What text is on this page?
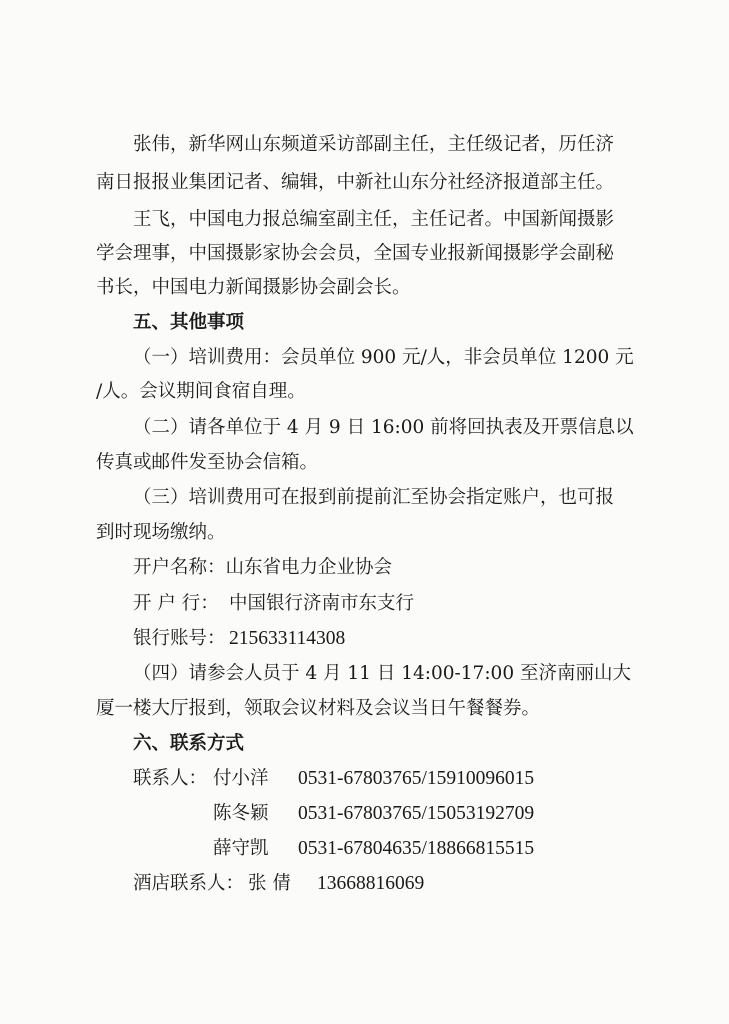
张伟，新华网山东频道采访部副主任，主任级记者，历任济
南日报报业集团记者、编辑，中新社山东分社经济报道部主任。
王飞，中国电力报总编室副主任，主任记者。中国新闻摄影
学会理事，中国摄影家协会会员，全国专业报新闻摄影学会副秘
书长，中国电力新闻摄影协会副会长。
五、其他事项
（一）培训费用：会员单位 900 元/人，非会员单位 1200 元
/人。会议期间食宿自理。
（二）请各单位于 4 月 9 日 16:00 前将回执表及开票信息以
传真或邮件发至协会信箱。
（三）培训费用可在报到前提前汇至协会指定账户，也可报
到时现场缴纳。
开户名称：山东省电力企业协会
开 户 行： 中国银行济南市东支行
银行账号： 215633114308
（四）请参会人员于 4 月 11 日 14:00-17:00 至济南丽山大
厦一楼大厅报到，领取会议材料及会议当日午餐餐券。
六、联系方式
联系人： 付小洋 0531-67803765/15910096015
陈冬颖 0531-67803765/15053192709
薛守凯 0531-67804635/18866815515
酒店联系人： 张 倩 13668816069
